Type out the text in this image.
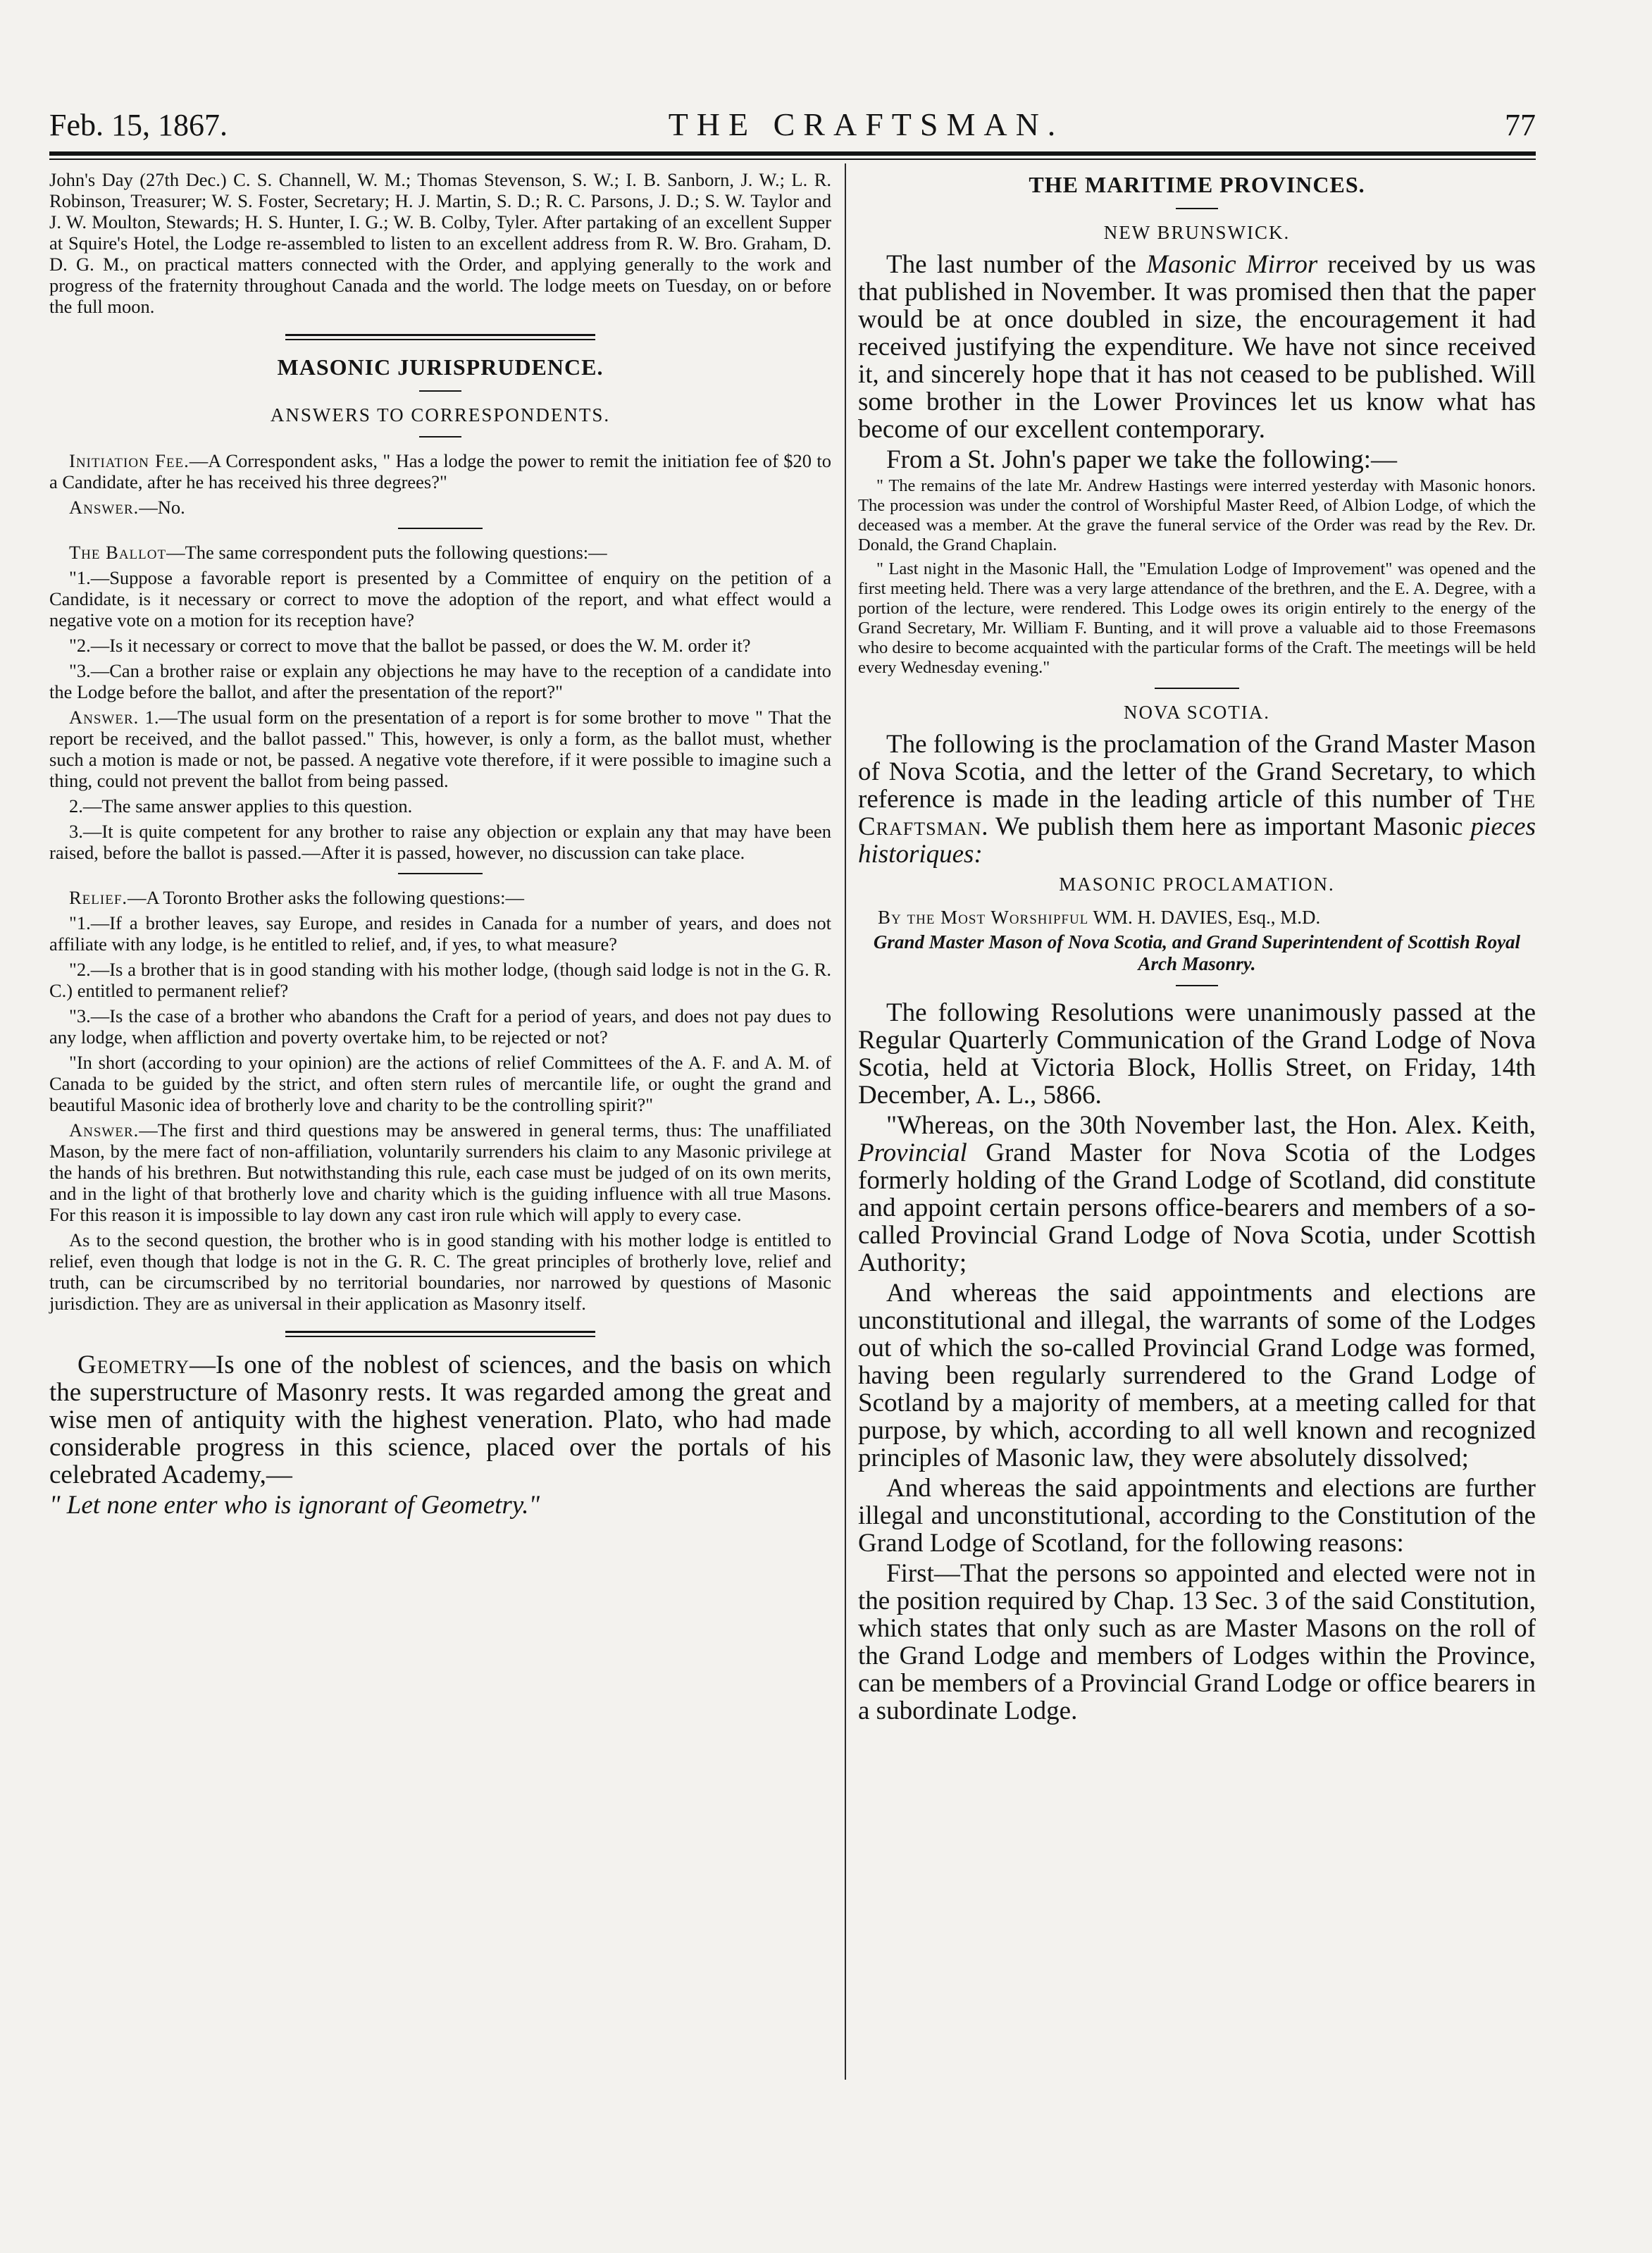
Feb. 15, 1867.	THE CRAFTSMAN.	77

John's Day (27th Dec.) C. S. Channell, W. M.; Thomas Stevenson, S. W.; I. B. Sanborn, J. W.; L. R. Robinson, Treasurer; W. S. Foster, Secretary; H. J. Martin, S. D.; R. C. Parsons, J. D.; S. W. Taylor and J. W. Moulton, Stewards; H. S. Hunter, I. G.; W. B. Colby, Tyler. After partaking of an excellent Supper at Squire's Hotel, the Lodge re-assembled to listen to an excellent address from R. W. Bro. Graham, D. D. G. M., on practical matters connected with the Order, and applying generally to the work and progress of the fraternity throughout Canada and the world. The lodge meets on Tuesday, on or before the full moon.

MASONIC JURISPRUDENCE.
ANSWERS TO CORRESPONDENTS.

Initiation Fee.—A Correspondent asks, " Has a lodge the power to remit the initiation fee of $20 to a Candidate, after he has received his three degrees?"

Answer.—No.

The Ballot—The same correspondent puts the following questions:—

"1.—Suppose a favorable report is presented by a Committee of enquiry on the petition of a Candidate, is it necessary or correct to move the adoption of the report, and what effect would a negative vote on a motion for its reception have?

"2.—Is it necessary or correct to move that the ballot be passed, or does the W. M. order it?

"3.—Can a brother raise or explain any objections he may have to the reception of a candidate into the Lodge before the ballot, and after the presentation of the report?"

Answer. 1.—The usual form on the presentation of a report is for some brother to move " That the report be received, and the ballot passed." This, however, is only a form, as the ballot must, whether such a motion is made or not, be passed. A negative vote therefore, if it were possible to imagine such a thing, could not prevent the ballot from being passed.

2.—The same answer applies to this question.

3.—It is quite competent for any brother to raise any objection or explain any that may have been raised, before the ballot is passed.—After it is passed, however, no discussion can take place.

Relief.—A Toronto Brother asks the following questions:—

"1.—If a brother leaves, say Europe, and resides in Canada for a number of years, and does not affiliate with any lodge, is he entitled to relief, and, if yes, to what measure?

"2.—Is a brother that is in good standing with his mother lodge, (though said lodge is not in the G. R. C.) entitled to permanent relief?

"3.—Is the case of a brother who abandons the Craft for a period of years, and does not pay dues to any lodge, when affliction and poverty overtake him, to be rejected or not?

"In short (according to your opinion) are the actions of relief Committees of the A. F. and A. M. of Canada to be guided by the strict, and often stern rules of mercantile life, or ought the grand and beautiful Masonic idea of brotherly love and charity to be the controlling spirit?"

Answer.—The first and third questions may be answered in general terms, thus: The unaffiliated Mason, by the mere fact of non-affiliation, voluntarily surrenders his claim to any Masonic privilege at the hands of his brethren. But notwithstanding this rule, each case must be judged of on its own merits, and in the light of that brotherly love and charity which is the guiding influence with all true Masons. For this reason it is impossible to lay down any cast iron rule which will apply to every case.

As to the second question, the brother who is in good standing with his mother lodge is entitled to relief, even though that lodge is not in the G. R. C. The great principles of brotherly love, relief and truth, can be circumscribed by no territorial boundaries, nor narrowed by questions of Masonic jurisdiction. They are as universal in their application as Masonry itself.

Geometry—Is one of the noblest of sciences, and the basis on which the superstructure of Masonry rests. It was regarded among the great and wise men of antiquity with the highest veneration. Plato, who had made considerable progress in this science, placed over the portals of his celebrated Academy,—

" Let none enter who is ignorant of Geometry."

THE MARITIME PROVINCES.
NEW BRUNSWICK.

The last number of the Masonic Mirror received by us was that published in November. It was promised then that the paper would be at once doubled in size, the encouragement it had received justifying the expenditure. We have not since received it, and sincerely hope that it has not ceased to be published. Will some brother in the Lower Provinces let us know what has become of our excellent contemporary.

From a St. John's paper we take the following:—

" The remains of the late Mr. Andrew Hastings were interred yesterday with Masonic honors. The procession was under the control of Worshipful Master Reed, of Albion Lodge, of which the deceased was a member. At the grave the funeral service of the Order was read by the Rev. Dr. Donald, the Grand Chaplain.

" Last night in the Masonic Hall, the "Emulation Lodge of Improvement" was opened and the first meeting held. There was a very large attendance of the brethren, and the E. A. Degree, with a portion of the lecture, were rendered. This Lodge owes its origin entirely to the energy of the Grand Secretary, Mr. William F. Bunting, and it will prove a valuable aid to those Freemasons who desire to become acquainted with the particular forms of the Craft. The meetings will be held every Wednesday evening."

NOVA SCOTIA.

The following is the proclamation of the Grand Master Mason of Nova Scotia, and the letter of the Grand Secretary, to which reference is made in the leading article of this number of The Craftsman. We publish them here as important Masonic pieces historiques:

MASONIC PROCLAMATION.
By the Most Worshipful WM. H. DAVIES, Esq., M.D.
Grand Master Mason of Nova Scotia, and Grand Superintendent of Scottish Royal Arch Masonry.

The following Resolutions were unanimously passed at the Regular Quarterly Communication of the Grand Lodge of Nova Scotia, held at Victoria Block, Hollis Street, on Friday, 14th December, A. L., 5866.

"Whereas, on the 30th November last, the Hon. Alex. Keith, Provincial Grand Master for Nova Scotia of the Lodges formerly holding of the Grand Lodge of Scotland, did constitute and appoint certain persons office-bearers and members of a so-called Provincial Grand Lodge of Nova Scotia, under Scottish Authority;

And whereas the said appointments and elections are unconstitutional and illegal, the warrants of some of the Lodges out of which the so-called Provincial Grand Lodge was formed, having been regularly surrendered to the Grand Lodge of Scotland by a majority of members, at a meeting called for that purpose, by which, according to all well known and recognized principles of Masonic law, they were absolutely dissolved;

And whereas the said appointments and elections are further illegal and unconstitutional, according to the Constitution of the Grand Lodge of Scotland, for the following reasons:

First—That the persons so appointed and elected were not in the position required by Chap. 13 Sec. 3 of the said Constitution, which states that only such as are Master Masons on the roll of the Grand Lodge and members of Lodges within the Province, can be members of a Provincial Grand Lodge or office bearers in a subordinate Lodge.
